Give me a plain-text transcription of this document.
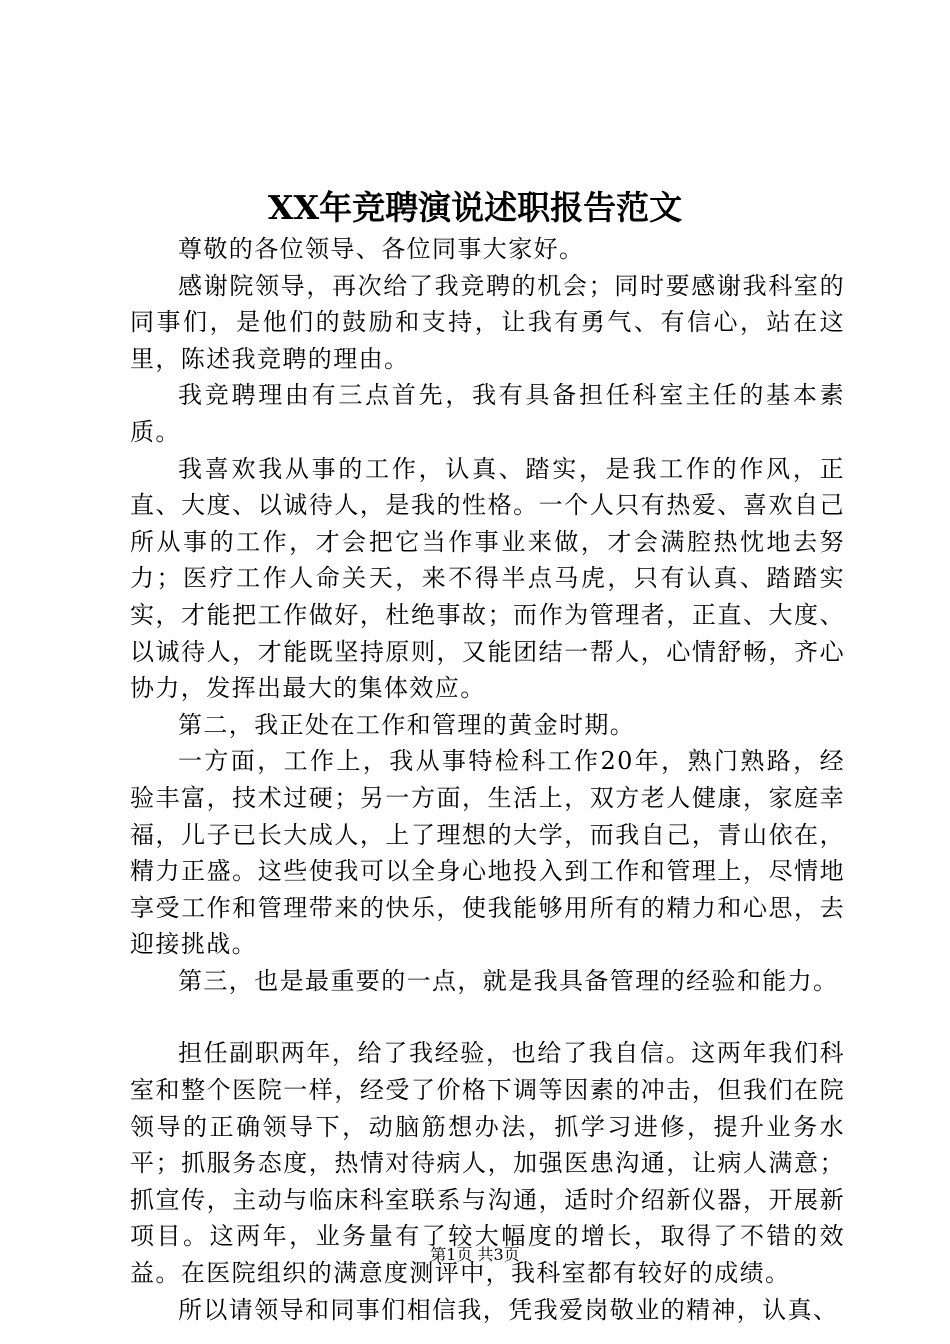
XX年竞聘演说述职报告范文

尊敬的各位领导、各位同事大家好。

感谢院领导，再次给了我竞聘的机会；同时要感谢我科室的同事们，是他们的鼓励和支持，让我有勇气、有信心，站在这里，陈述我竞聘的理由。

我竞聘理由有三点首先，我有具备担任科室主任的基本素质。

我喜欢我从事的工作，认真、踏实，是我工作的作风，正直、大度、以诚待人，是我的性格。一个人只有热爱、喜欢自己所从事的工作，才会把它当作事业来做，才会满腔热忱地去努力；医疗工作人命关天，来不得半点马虎，只有认真、踏踏实实，才能把工作做好，杜绝事故；而作为管理者，正直、大度、以诚待人，才能既坚持原则，又能团结一帮人，心情舒畅，齐心协力，发挥出最大的集体效应。

第二，我正处在工作和管理的黄金时期。

一方面，工作上，我从事特检科工作20年，熟门熟路，经验丰富，技术过硬；另一方面，生活上，双方老人健康，家庭幸福，儿子已长大成人，上了理想的大学，而我自己，青山依在，精力正盛。这些使我可以全身心地投入到工作和管理上，尽情地享受工作和管理带来的快乐，使我能够用所有的精力和心思，去迎接挑战。

第三，也是最重要的一点，就是我具备管理的经验和能力。

担任副职两年，给了我经验，也给了我自信。这两年我们科室和整个医院一样，经受了价格下调等因素的冲击，但我们在院领导的正确领导下，动脑筋想办法，抓学习进修，提升业务水平；抓服务态度，热情对待病人，加强医患沟通，让病人满意；抓宣传，主动与临床科室联系与沟通，适时介绍新仪器，开展新项目。这两年，业务量有了较大幅度的增长，取得了不错的效益。在医院组织的满意度测评中，我科室都有较好的成绩。

所以请领导和同事们相信我，凭我爱岗敬业的精神，认真、

第1页 共3页
